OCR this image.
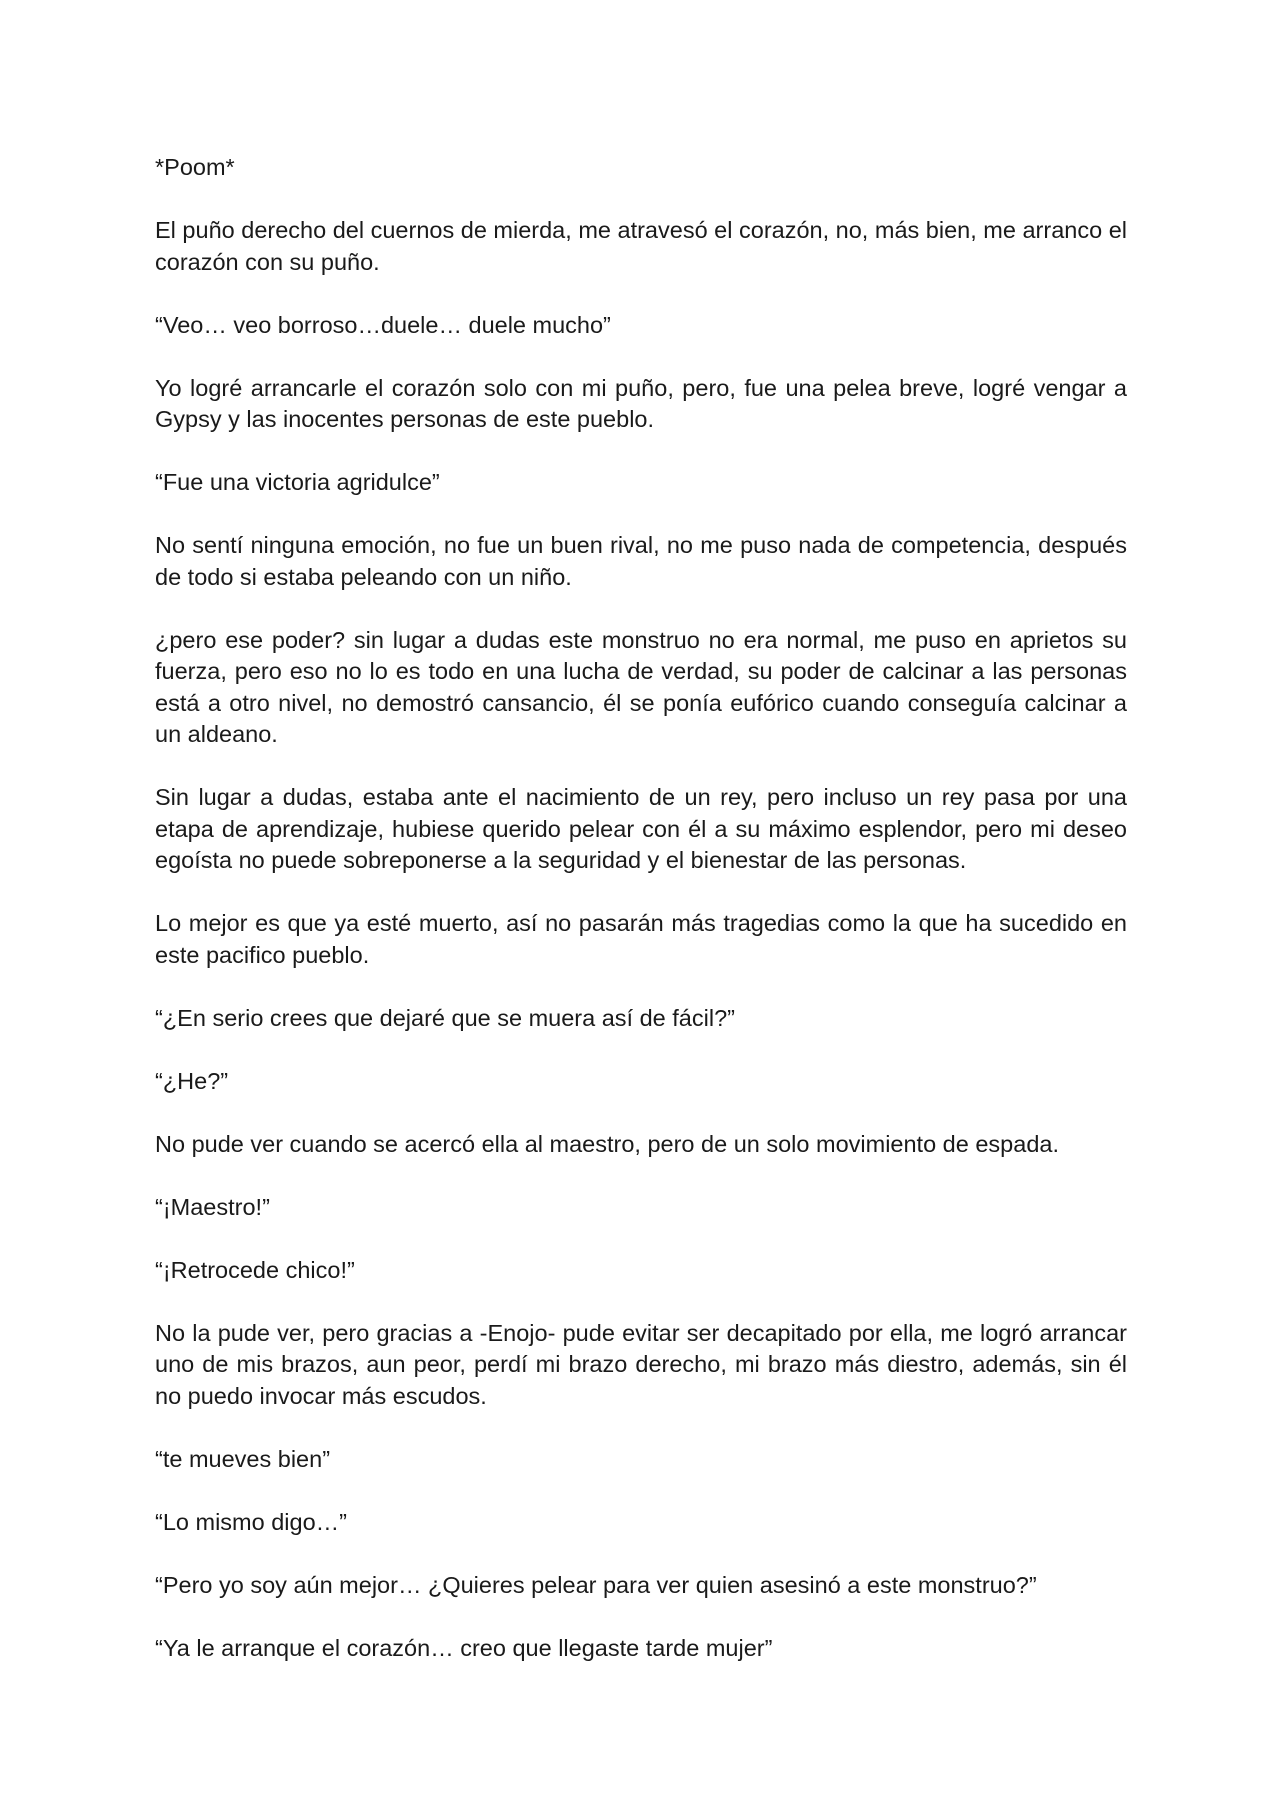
*Poom*

El puño derecho del cuernos de mierda, me atravesó el corazón, no, más bien, me arranco el corazón con su puño.

“Veo… veo borroso…duele… duele mucho”

Yo logré arrancarle el corazón solo con mi puño, pero, fue una pelea breve, logré vengar a Gypsy y las inocentes personas de este pueblo.

“Fue una victoria agridulce”

No sentí ninguna emoción, no fue un buen rival, no me puso nada de competencia, después de todo si estaba peleando con un niño.

¿pero ese poder? sin lugar a dudas este monstruo no era normal, me puso en aprietos su fuerza, pero eso no lo es todo en una lucha de verdad, su poder de calcinar a las personas está a otro nivel, no demostró cansancio, él se ponía eufórico cuando conseguía calcinar a un aldeano.

Sin lugar a dudas, estaba ante el nacimiento de un rey, pero incluso un rey pasa por una etapa de aprendizaje, hubiese querido pelear con él a su máximo esplendor, pero mi deseo egoísta no puede sobreponerse a la seguridad y el bienestar de las personas.

Lo mejor es que ya esté muerto, así no pasarán más tragedias como la que ha sucedido en este pacifico pueblo.

“¿En serio crees que dejaré que se muera así de fácil?”

“¿He?”

No pude ver cuando se acercó ella al maestro, pero de un solo movimiento de espada.

“¡Maestro!”

“¡Retrocede chico!”

No la pude ver, pero gracias a -Enojo- pude evitar ser decapitado por ella, me logró arrancar uno de mis brazos, aun peor, perdí mi brazo derecho, mi brazo más diestro, además, sin él no puedo invocar más escudos.

“te mueves bien”

“Lo mismo digo…”

“Pero yo soy aún mejor… ¿Quieres pelear para ver quien asesinó a este monstruo?”

“Ya le arranque el corazón… creo que llegaste tarde mujer”
